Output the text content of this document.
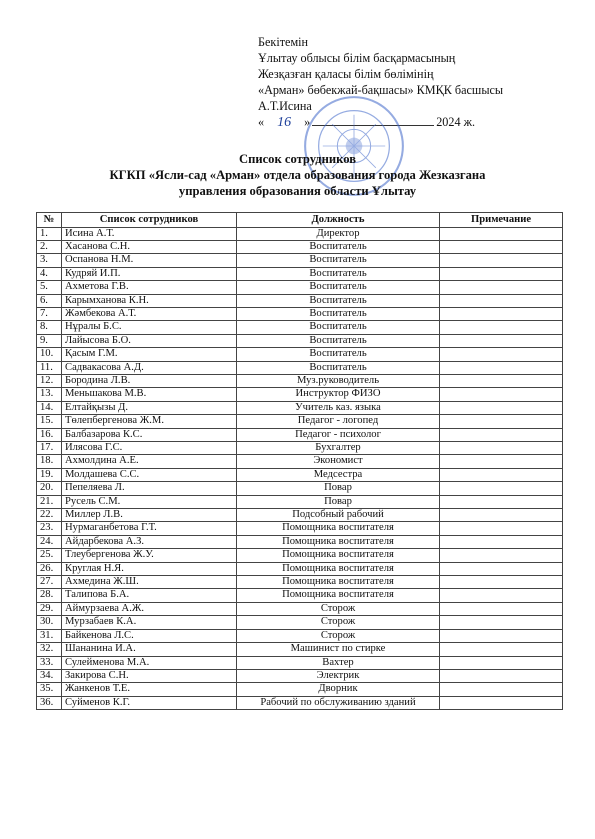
Бекітемін
Ұлытау облысы білім басқармасының
Жезқазған қаласы білім бөлімінің
«Арман» бөбекжай-бақшасы» КМҚК басшысы
А.Т.Исина
« 16	»	2024 ж.
Список сотрудников
КГКП «Ясли-сад «Арман» отдела образования города Жезказгана
управления образования области Ұлытау
№	Список сотрудников	Должность	Примечание
1.	Исина А.Т.	Директор	
2.	Хасанова С.Н.	Воспитатель	
3.	Оспанова Н.М.	Воспитатель	
4.	Кудряй И.П.	Воспитатель	
5.	Ахметова Г.В.	Воспитатель	
6.	Карымханова К.Н.	Воспитатель	
7.	Жәмбекова А.Т.	Воспитатель	
8.	Нұралы Б.С.	Воспитатель	
9.	Лайысова Б.О.	Воспитатель	
10.	Қасым Г.М.	Воспитатель	
11.	Садвакасова А.Д.	Воспитатель	
12.	Бородина Л.В.	Муз.руководитель	
13.	Меньшакова М.В.	Инструктор ФИЗО	
14.	Елтайқызы Д.	Учитель каз. языка	
15.	Төлепбергенова Ж.М.	Педагог - логопед	
16.	Балбазарова К.С.	Педагог - психолог	
17.	Илясова Г.С.	Бухгалтер	
18.	Ахмолдина А.Е.	Экономист	
19.	Молдашева С.С.	Медсестра	
20.	Пепеляева Л.	Повар	
21.	Русель С.М.	Повар	
22.	Миллер Л.В.	Подсобный рабочий	
23.	Нурмаганбетова Г.Т.	Помощника воспитателя	
24.	Айдарбекова А.З.	Помощника воспитателя	
25.	Тлеубергенова Ж.У.	Помощника воспитателя	
26.	Круглая Н.Я.	Помощника воспитателя	
27.	Ахмедина Ж.Ш.	Помощника воспитателя	
28.	Талипова Б.А.	Помощника воспитателя	
29.	Аймурзаева А.Ж.	Сторож	
30.	Мурзабаев К.А.	Сторож	
31.	Байкенова Л.С.	Сторож	
32.	Шананина И.А.	Машинист по стирке	
33.	Сулейменова М.А.	Вахтер	
34.	Закирова С.Н.	Электрик	
35.	Жанкенов Т.Е.	Дворник	
36.	Суйменов К.Г.	Рабочий по обслуживанию зданий	
